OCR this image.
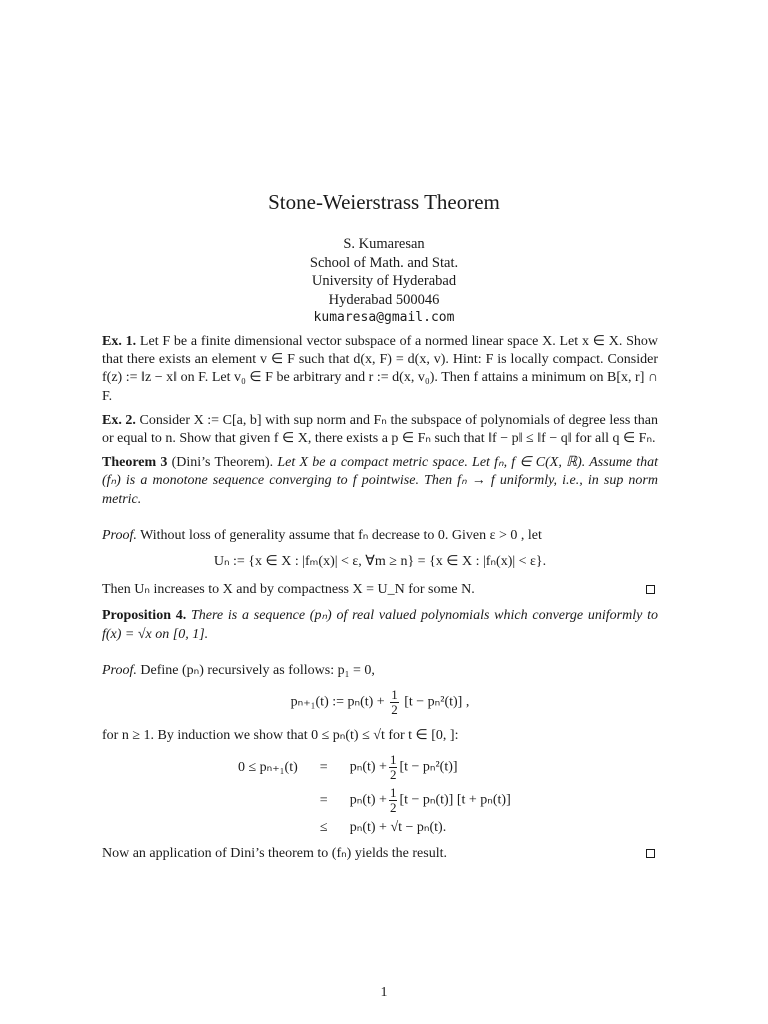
Stone-Weierstrass Theorem
S. Kumaresan
School of Math. and Stat.
University of Hyderabad
Hyderabad 500046
kumaresa@gmail.com

Ex. 1. Let F be a finite dimensional vector subspace of a normed linear space X. Let x ∈ X. Show that there exists an element v ∈ F such that d(x, F) = d(x, v). Hint: F is locally compact. Consider f(z) := ‖z − x‖ on F. Let v₀ ∈ F be arbitrary and r := d(x, v₀). Then f attains a minimum on B[x, r] ∩ F.

Ex. 2. Consider X := C[a, b] with sup norm and Fₙ the subspace of polynomials of degree less than or equal to n. Show that given f ∈ X, there exists a p ∈ Fₙ such that ‖f − p‖ ≤ ‖f − q‖ for all q ∈ Fₙ.

Theorem 3 (Dini’s Theorem). Let X be a compact metric space. Let fₙ, f ∈ C(X, ℝ). Assume that (fₙ) is a monotone sequence converging to f pointwise. Then fₙ → f uniformly, i.e., in sup norm metric.

Proof. Without loss of generality assume that fₙ decrease to 0. Given ε > 0 , let

Uₙ := {x ∈ X : |fₘ(x)| < ε, ∀m ≥ n} = {x ∈ X : |fₙ(x)| < ε}.

Then Uₙ increases to X and by compactness X = U_N for some N.

Proposition 4. There is a sequence (pₙ) of real valued polynomials which converge uniformly to f(x) = √x on [0, 1].

Proof. Define (pₙ) recursively as follows: p₁ = 0,

pₙ₊₁(t) := $p_n(t) + \frac{1}{2} [t - p_n^2(t)]$ ,

for n ≥ 1. By induction we show that 0 ≤ pₙ(t) ≤ √t for t ∈ [0, ]:

0 ≤ pₙ₊₁(t)	=	$p_n(t) + \frac{1}{2} [t - p_n^2(t)]$
	=	$p_n(t) + \frac{1}{2} [t - p_n(t)] [t + p_n(t)]$
	≤	pₙ(t) + √t − pₙ(t).

Now an application of Dini’s theorem to (fₙ) yields the result.

1
